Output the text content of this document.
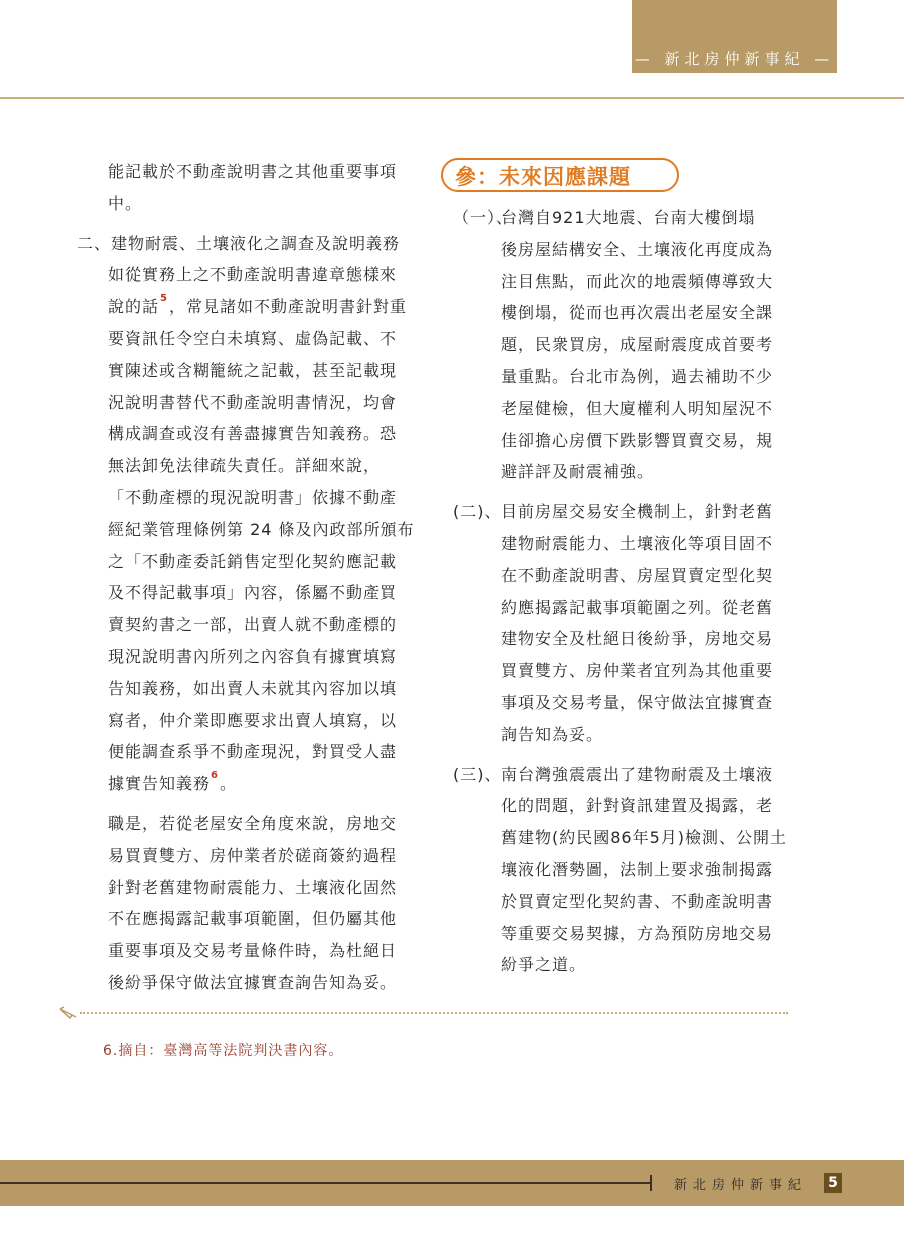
— 新北房仲新事紀 —

能記載於不動產說明書之其他重要事項

中。

二、建物耐震、土壤液化之調查及說明義務

如從實務上之不動產說明書違章態樣來

說的話5，常見諸如不動產說明書針對重

要資訊任令空白未填寫、虛偽記載、不

實陳述或含糊籠統之記載，甚至記載現

況說明書替代不動產說明書情況，均會

構成調查或沒有善盡據實告知義務。恐

無法卸免法律疏失責任。詳細來說，

「不動產標的現況說明書」依據不動產

經紀業管理條例第 24 條及內政部所頒布

之「不動產委託銷售定型化契約應記載

及不得記載事項」內容，係屬不動產買

賣契約書之一部，出賣人就不動產標的

現況說明書內所列之內容負有據實填寫

告知義務，如出賣人未就其內容加以填

寫者，仲介業即應要求出賣人填寫，以

便能調查系爭不動產現況，對買受人盡

據實告知義務6。

職是，若從老屋安全角度來說，房地交

易買賣雙方、房仲業者於磋商簽約過程

針對老舊建物耐震能力、土壤液化固然

不在應揭露記載事項範圍，但仍屬其他

重要事項及交易考量條件時，為杜絕日

後紛爭保守做法宜據實查詢告知為妥。

參：未來因應課題
（一）、

台灣自921大地震、台南大樓倒塌

後房屋結構安全、土壤液化再度成為

注目焦點，而此次的地震頻傳導致大

樓倒塌，從而也再次震出老屋安全課

題，民衆買房，成屋耐震度成首要考

量重點。台北市為例，過去補助不少

老屋健檢，但大廈權利人明知屋況不

佳卻擔心房價下跌影響買賣交易，規

避詳評及耐震補強。

(二)、 目前房屋交易安全機制上，針對老舊

建物耐震能力、土壤液化等項目固不

在不動產說明書、房屋買賣定型化契

約應揭露記載事項範圍之列。從老舊

建物安全及杜絕日後紛爭，房地交易

買賣雙方、房仲業者宜列為其他重要

事項及交易考量，保守做法宜據實查

詢告知為妥。

(三)、 南台灣強震震出了建物耐震及土壤液

化的問題，針對資訊建置及揭露，老

舊建物(約民國86年5月)檢測、公開土

壤液化潛勢圖，法制上要求強制揭露

於買賣定型化契約書、不動產說明書

等重要交易契據，方為預防房地交易

紛爭之道。

6.摘自：臺灣高等法院判決書內容。
新北房仲新事紀 5
